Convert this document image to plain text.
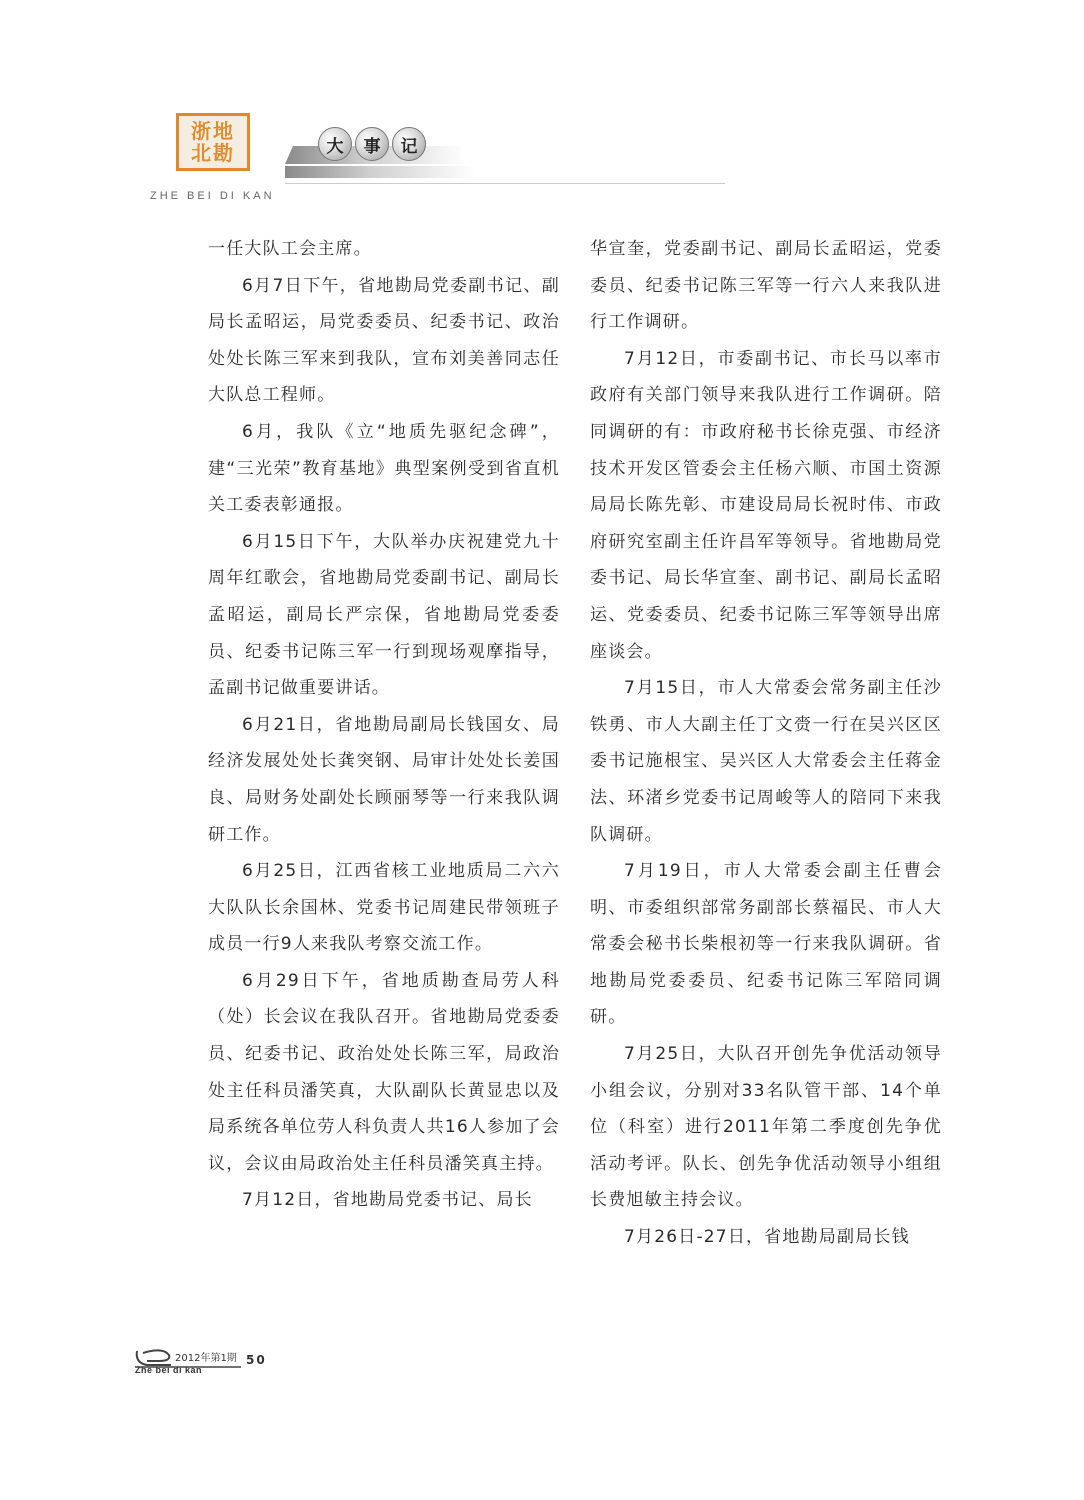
浙地
北勘
ZHE BEI DI KAN
大	事	记

一任大队工会主席。

6月7日下午，省地勘局党委副书记、副局长孟昭运，局党委委员、纪委书记、政治处处长陈三军来到我队，宣布刘美善同志任大队总工程师。

6月，我队《立“地质先驱纪念碑”，建“三光荣”教育基地》典型案例受到省直机关工委表彰通报。

6月15日下午，大队举办庆祝建党九十周年红歌会，省地勘局党委副书记、副局长孟昭运，副局长严宗保，省地勘局党委委员、纪委书记陈三军一行到现场观摩指导，孟副书记做重要讲话。

6月21日，省地勘局副局长钱国女、局经济发展处处长龚突钢、局审计处处长姜国良、局财务处副处长顾丽琴等一行来我队调研工作。

6月25日，江西省核工业地质局二六六大队队长余国林、党委书记周建民带领班子成员一行9人来我队考察交流工作。

6月29日下午，省地质勘查局劳人科（处）长会议在我队召开。省地勘局党委委员、纪委书记、政治处处长陈三军，局政治处主任科员潘笑真，大队副队长黄显忠以及局系统各单位劳人科负责人共16人参加了会议，会议由局政治处主任科员潘笑真主持。

7月12日，省地勘局党委书记、局长

华宣奎，党委副书记、副局长孟昭运，党委委员、纪委书记陈三军等一行六人来我队进行工作调研。

7月12日，市委副书记、市长马以率市政府有关部门领导来我队进行工作调研。陪同调研的有：市政府秘书长徐克强、市经济技术开发区管委会主任杨六顺、市国土资源局局长陈先彰、市建设局局长祝时伟、市政府研究室副主任许昌军等领导。省地勘局党委书记、局长华宣奎、副书记、副局长孟昭运、党委委员、纪委书记陈三军等领导出席座谈会。

7月15日，市人大常委会常务副主任沙铁勇、市人大副主任丁文赍一行在吴兴区区委书记施根宝、吴兴区人大常委会主任蒋金法、环渚乡党委书记周峻等人的陪同下来我队调研。

7月19日，市人大常委会副主任曹会明、市委组织部常务副部长蔡福民、市人大常委会秘书长柴根初等一行来我队调研。省地勘局党委委员、纪委书记陈三军陪同调研。

7月25日，大队召开创先争优活动领导小组会议，分别对33名队管干部、14个单位（科室）进行2011年第二季度创先争优活动考评。队长、创先争优活动领导小组组长费旭敏主持会议。

7月26日-27日，省地勘局副局长钱

2012年第1期 50
Zhe bei di kan
